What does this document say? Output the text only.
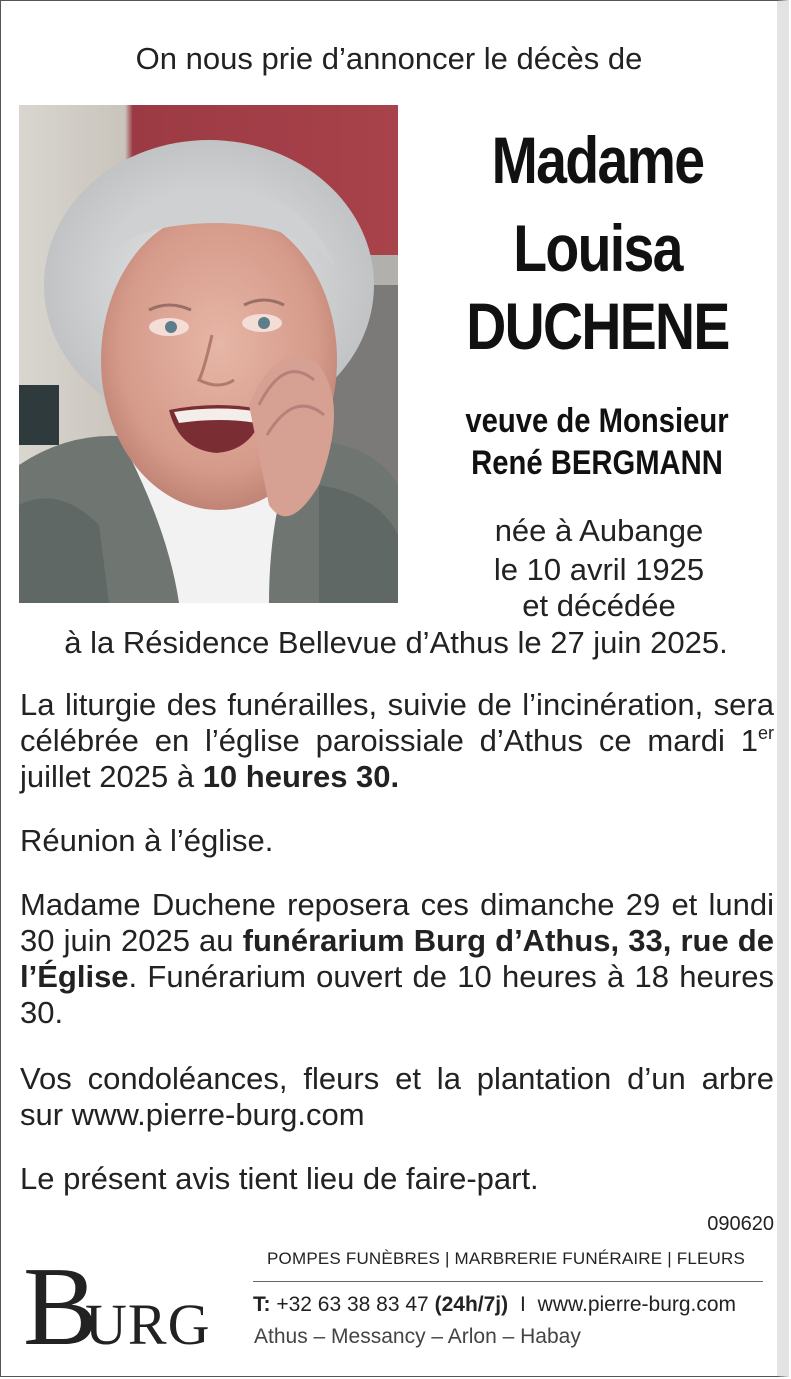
On nous prie d’annoncer le décès de
Madame
Louisa
DUCHENE
veuve de Monsieur
René BERGMANN
née à Aubange
le 10 avril 1925
et décédée
à la Résidence Bellevue d’Athus le 27 juin 2025.
La liturgie des funérailles, suivie de l’incinération, sera célébrée en l’église paroissiale d’Athus ce mardi 1er juillet 2025 à 10 heures 30.
Réunion à l’église.
Madame Duchene reposera ces dimanche 29 et lundi 30 juin 2025 au funérarium Burg d’Athus, 33, rue de l’Église. Funérarium ouvert de 10 heures à 18 heures 30.
Vos condoléances, fleurs et la plantation d’un arbre sur www.pierre-burg.com
Le présent avis tient lieu de faire-part.
090620
B
URG
POMPES FUNÈBRES | MARBRERIE FUNÉRAIRE | FLEURS
T: +32 63 38 83 47 (24h/7j) I www.pierre-burg.com
Athus – Messancy – Arlon – Habay
